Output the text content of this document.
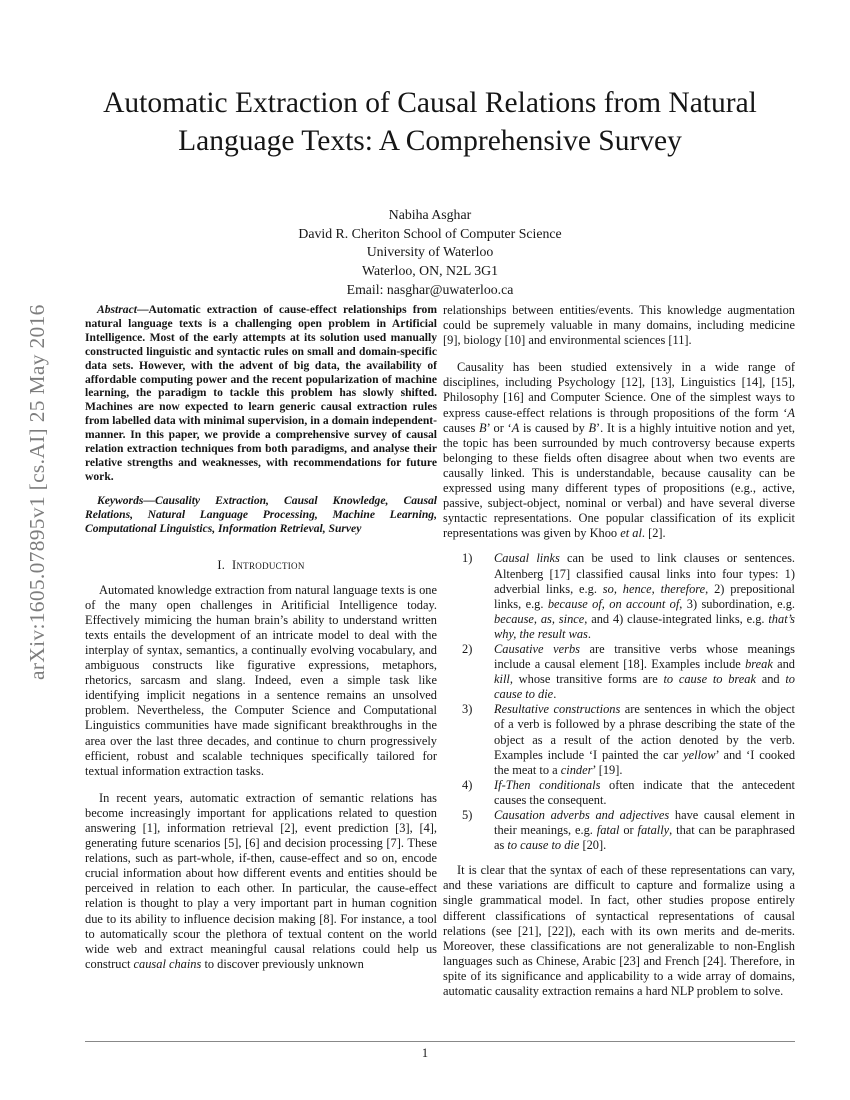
arXiv:1605.07895v1 [cs.AI] 25 May 2016
Automatic Extraction of Causal Relations from Natural Language Texts: A Comprehensive Survey
Nabiha Asghar
David R. Cheriton School of Computer Science
University of Waterloo
Waterloo, ON, N2L 3G1
Email: nasghar@uwaterloo.ca

Abstract—Automatic extraction of cause-effect relationships from natural language texts is a challenging open problem in Artificial Intelligence. Most of the early attempts at its solution used manually constructed linguistic and syntactic rules on small and domain-specific data sets. However, with the advent of big data, the availability of affordable computing power and the recent popularization of machine learning, the paradigm to tackle this problem has slowly shifted. Machines are now expected to learn generic causal extraction rules from labelled data with minimal supervision, in a domain independent-manner. In this paper, we provide a comprehensive survey of causal relation extraction techniques from both paradigms, and analyse their relative strengths and weaknesses, with recommendations for future work.

Keywords—Causality Extraction, Causal Knowledge, Causal Relations, Natural Language Processing, Machine Learning, Computational Linguistics, Information Retrieval, Survey

I. Introduction

Automated knowledge extraction from natural language texts is one of the many open challenges in Aritificial Intelligence today. Effectively mimicing the human brain’s ability to understand written texts entails the development of an intricate model to deal with the interplay of syntax, semantics, a continually evolving vocabulary, and ambiguous constructs like figurative expressions, metaphors, rhetorics, sarcasm and slang. Indeed, even a simple task like identifying implicit negations in a sentence remains an unsolved problem. Nevertheless, the Computer Science and Computational Linguistics communities have made significant breakthroughs in the area over the last three decades, and continue to churn progressively efficient, robust and scalable techniques specifically tailored for textual information extraction tasks.

In recent years, automatic extraction of semantic relations has become increasingly important for applications related to question answering [1], information retrieval [2], event prediction [3], [4], generating future scenarios [5], [6] and decision processing [7]. These relations, such as part-whole, if-then, cause-effect and so on, encode crucial information about how different events and entities should be perceived in relation to each other. In particular, the cause-effect relation is thought to play a very important part in human cognition due to its ability to influence decision making [8]. For instance, a tool to automatically scour the plethora of textual content on the world wide web and extract meaningful causal relations could help us construct causal chains to discover previously unknown

relationships between entities/events. This knowledge augmentation could be supremely valuable in many domains, including medicine [9], biology [10] and environmental sciences [11].

Causality has been studied extensively in a wide range of disciplines, including Psychology [12], [13], Linguistics [14], [15], Philosophy [16] and Computer Science. One of the simplest ways to express cause-effect relations is through propositions of the form ‘A causes B’ or ‘A is caused by B’. It is a highly intuitive notion and yet, the topic has been surrounded by much controversy because experts belonging to these fields often disagree about when two events are causally linked. This is understandable, because causality can be expressed using many different types of propositions (e.g., active, passive, subject-object, nominal or verbal) and have several diverse syntactic representations. One popular classification of its explicit representations was given by Khoo et al. [2].

1) Causal links can be used to link clauses or sentences. Altenberg [17] classified causal links into four types: 1) adverbial links, e.g. so, hence, therefore, 2) prepositional links, e.g. because of, on account of, 3) subordination, e.g. because, as, since, and 4) clause-integrated links, e.g. that’s why, the result was.
2) Causative verbs are transitive verbs whose meanings include a causal element [18]. Examples include break and kill, whose transitive forms are to cause to break and to cause to die.
3) Resultative constructions are sentences in which the object of a verb is followed by a phrase describing the state of the object as a result of the action denoted by the verb. Examples include ‘I painted the car yellow’ and ‘I cooked the meat to a cinder’ [19].
4) If-Then conditionals often indicate that the antecedent causes the consequent.
5) Causation adverbs and adjectives have causal element in their meanings, e.g. fatal or fatally, that can be paraphrased as to cause to die [20].

It is clear that the syntax of each of these representations can vary, and these variations are difficult to capture and formalize using a single grammatical model. In fact, other studies propose entirely different classifications of syntactical representations of causal relations (see [21], [22]), each with its own merits and de-merits. Moreover, these classifications are not generalizable to non-English languages such as Chinese, Arabic [23] and French [24]. Therefore, in spite of its significance and applicability to a wide array of domains, automatic causality extraction remains a hard NLP problem to solve.

1
